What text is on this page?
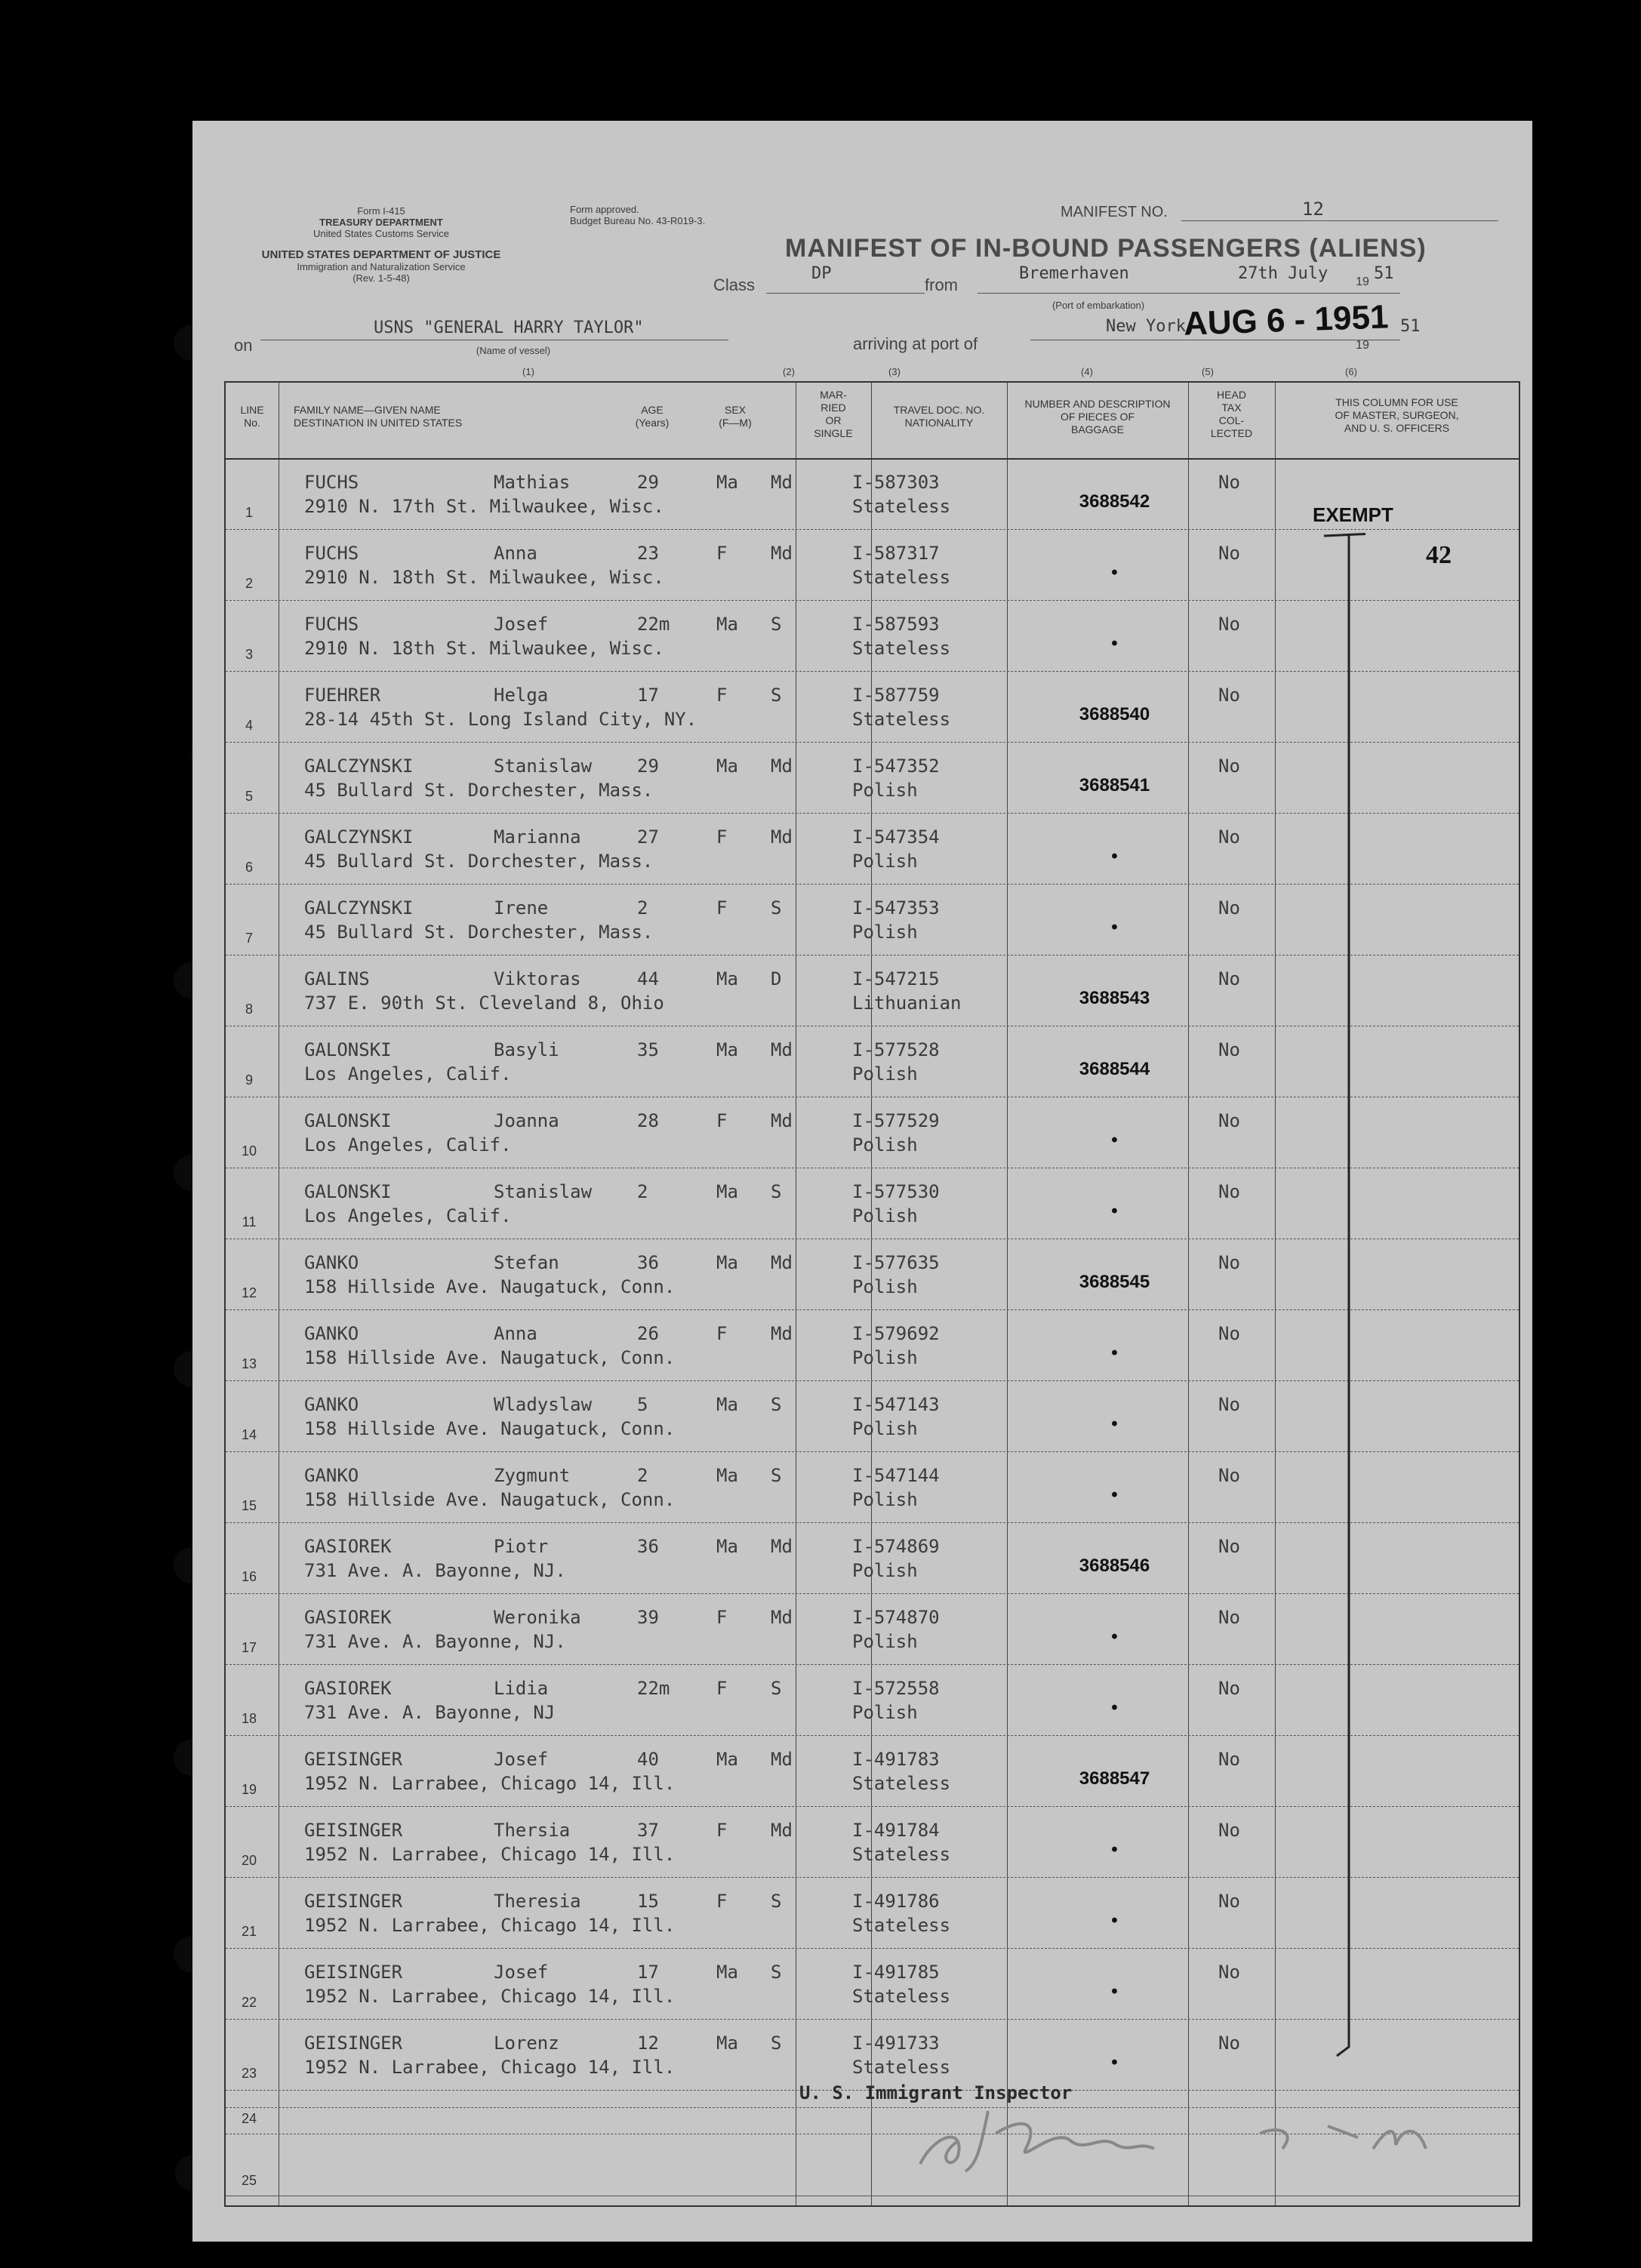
Form I-415
TREASURY DEPARTMENT
United States Customs Service
UNITED STATES DEPARTMENT OF JUSTICE
Immigration and Naturalization Service
(Rev. 1-5-48)
Form approved.
Budget Bureau No. 43-R019-3.
MANIFEST NO.	12
MANIFEST OF IN-BOUND PASSENGERS (ALIENS)
Class
DP
from
Bremerhaven	27th July	19 51
(Port of embarkation)
on
USNS "GENERAL HARRY TAYLOR"
(Name of vessel)	arriving at port of
New York,
AUG 6 - 1951
19
51
(1)	(2)	(3)	(4)	(5)	(6)
LINE
No.
FAMILY NAME—GIVEN NAME
DESTINATION IN UNITED STATES
AGE
(Years)
SEX
(F—M)
MAR-
RIED
OR
SINGLE
TRAVEL DOC. NO.
NATIONALITY
NUMBER AND DESCRIPTION
OF PIECES OF
BAGGAGE
HEAD
TAX
COL-
LECTED
THIS COLUMN FOR USE
OF MASTER, SURGEON,
AND U. S. OFFICERS
1
FUCHS	Mathias	29	Ma Md	I-587303
2910 N. 17th St. Milwaukee, Wisc.	Stateless	3688542
No
2
FUCHS	Anna	23	F Md	I-587317
2910 N. 18th St. Milwaukee, Wisc.	Stateless	•
No
3
FUCHS	Josef	22m	Ma S	I-587593
2910 N. 18th St. Milwaukee, Wisc.	Stateless	•
No
4
FUEHRER	Helga	17	F S	I-587759
28-14 45th St. Long Island City, NY.	Stateless	3688540
No
5
GALCZYNSKI	Stanislaw 29	Ma Md	I-547352
45 Bullard St. Dorchester, Mass.	Polish	3688541
No
6
GALCZYNSKI	Marianna	27	F Md	I-547354
45 Bullard St. Dorchester, Mass.	Polish	•
No
7
GALCZYNSKI	Irene	2	F S	I-547353
45 Bullard St. Dorchester, Mass.	Polish	•
No
8
GALINS	Viktoras	44	Ma D	I-547215
737 E. 90th St. Cleveland 8, Ohio	Lithuanian	3688543
No
9
GALONSKI	Basyli	35	Ma Md	I-577528
Los Angeles, Calif.	Polish	3688544
No
10
GALONSKI	Joanna	28	F Md	I-577529
Los Angeles, Calif.	Polish	•
No
11
GALONSKI	Stanislaw 2	Ma S	I-577530
Los Angeles, Calif.	Polish	•
No
12
GANKO	Stefan	36	Ma Md	I-577635
158 Hillside Ave. Naugatuck, Conn.	Polish	3688545
No
13
GANKO	Anna	26	F Md	I-579692
158 Hillside Ave. Naugatuck, Conn.	Polish	•
No
14
GANKO	Wladyslaw 5	Ma S	I-547143
158 Hillside Ave. Naugatuck, Conn.	Polish	•
No
15
GANKO	Zygmunt	2	Ma S	I-547144
158 Hillside Ave. Naugatuck, Conn.	Polish	•
No
16
GASIOREK	Piotr	36	Ma Md	I-574869
731 Ave. A. Bayonne, NJ.	Polish	3688546
No
17
GASIOREK	Weronika	39	F Md	I-574870
731 Ave. A. Bayonne, NJ.	Polish	•
No
18
GASIOREK	Lidia	22m	F S	I-572558
731 Ave. A. Bayonne, NJ	Polish	•
No
19
GEISINGER	Josef	40	Ma Md	I-491783
1952 N. Larrabee, Chicago 14, Ill.	Stateless	3688547
No
20
GEISINGER	Thersia	37	F Md	I-491784
1952 N. Larrabee, Chicago 14, Ill.	Stateless	•
No
21
GEISINGER	Theresia	15	F S	I-491786
1952 N. Larrabee, Chicago 14, Ill.	Stateless	•
No
22
GEISINGER	Josef	17	Ma S	I-491785
1952 N. Larrabee, Chicago 14, Ill.	Stateless	•
No
23
GEISINGER	Lorenz	12	Ma S	I-491733
1952 N. Larrabee, Chicago 14, Ill.	Stateless	•
No
EXEMPT
42
U. S. Immigrant Inspector
24
25
